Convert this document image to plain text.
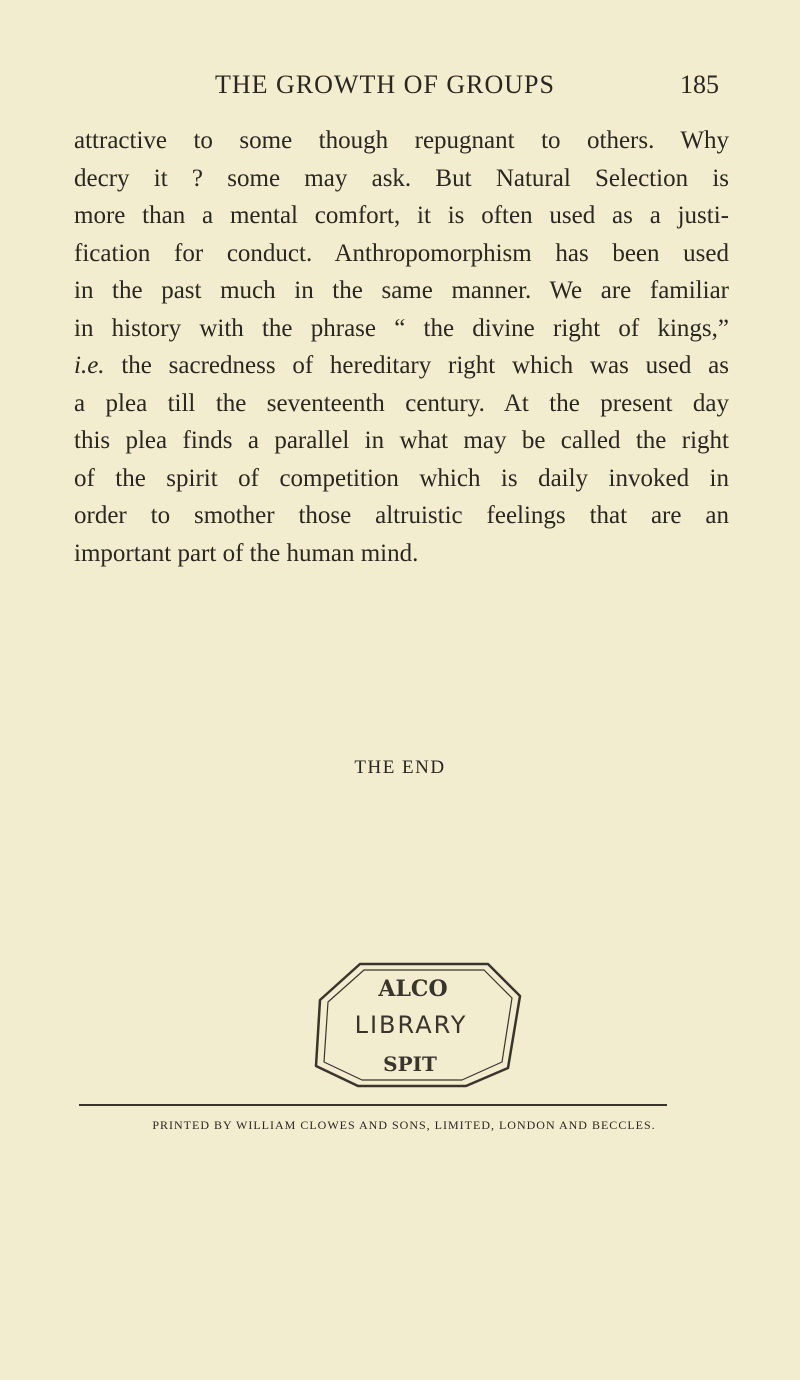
THE GROWTH OF GROUPS	185
attractive to some though repugnant to others. Why
decry it ? some may ask. But Natural Selection is
more than a mental comfort, it is often used as a justi-
fication for conduct. Anthropomorphism has been used
in the past much in the same manner. We are familiar
in history with the phrase “ the divine right of kings,”
i.e. the sacredness of hereditary right which was used as
a plea till the seventeenth century. At the present day
this plea finds a parallel in what may be called the right
of the spirit of competition which is daily invoked in
order to smother those altruistic feelings that are an
important part of the human mind.
THE END
ALCO
LIBRARY
SPIT
PRINTED BY WILLIAM CLOWES AND SONS, LIMITED, LONDON AND BECCLES.
